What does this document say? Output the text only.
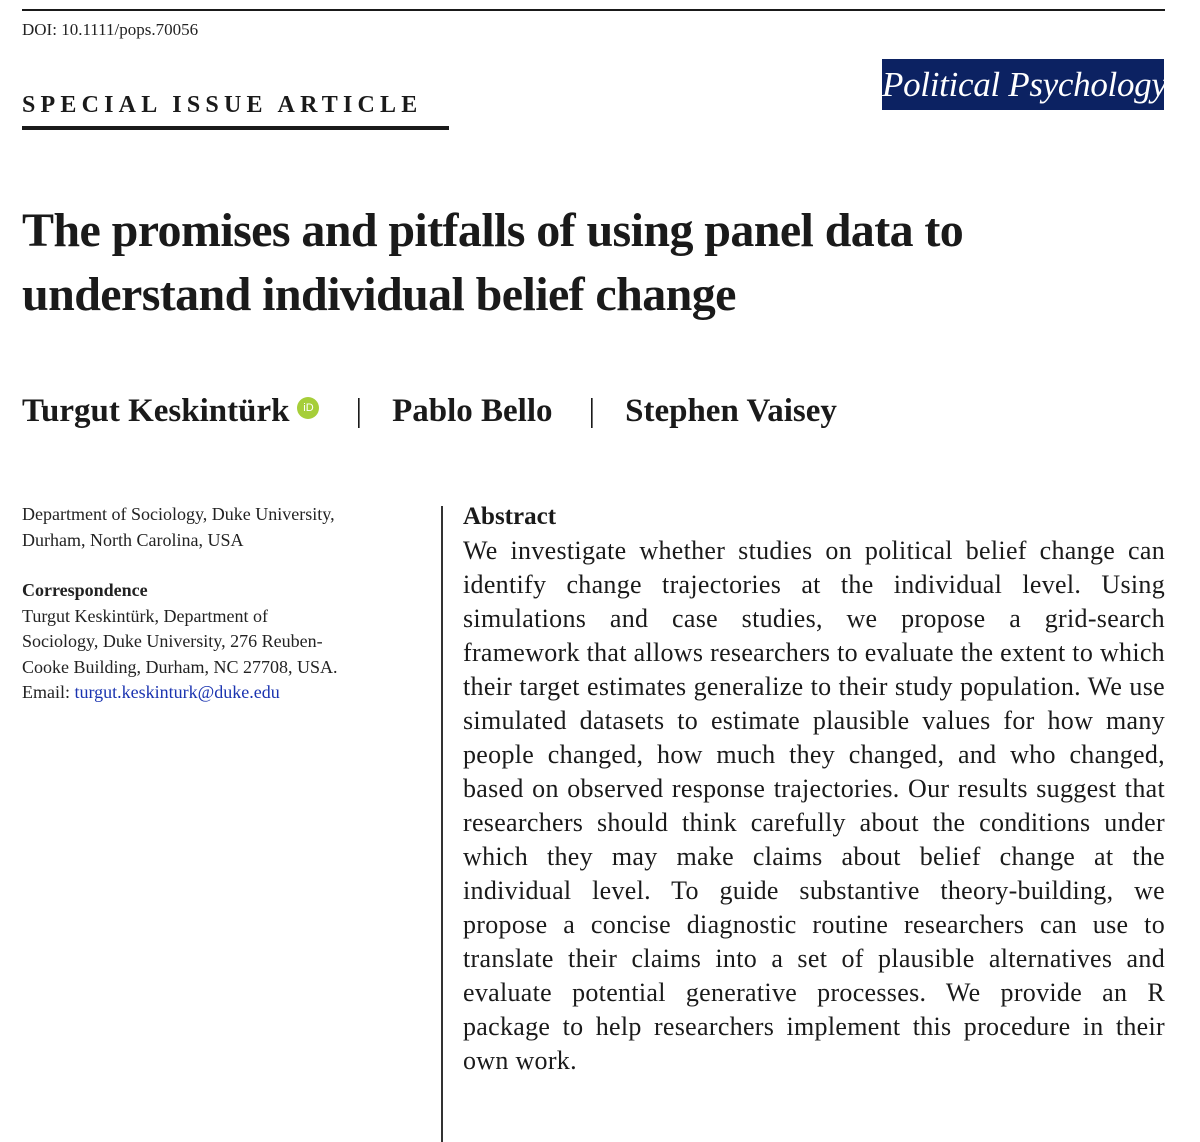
DOI: 10.1111/pops.70056
Political Psychology
SPECIAL ISSUE ARTICLE
The promises and pitfalls of using panel data to understand individual belief change
Turgut Keskintürk	iD | Pablo Bello | Stephen Vaisey
Department of Sociology, Duke University,
Durham, North Carolina, USA
Correspondence
Turgut Keskintürk, Department of
Sociology, Duke University, 276 Reuben-
Cooke Building, Durham, NC 27708, USA.
Email: turgut.keskinturk@duke.edu
Abstract
We investigate whether studies on political belief change can identify change trajectories at the individual level. Using simulations and case studies, we propose a grid-search framework that allows researchers to evaluate the extent to which their target estimates generalize to their study population. We use simulated datasets to estimate plausible values for how many people changed, how much they changed, and who changed, based on observed response trajectories. Our results suggest that researchers should think carefully about the conditions under which they may make claims about belief change at the individual level. To guide substantive theory-building, we propose a concise diagnostic routine researchers can use to translate their claims into a set of plausible alternatives and evaluate potential generative processes. We provide an R package to help researchers implement this procedure in their own work.
